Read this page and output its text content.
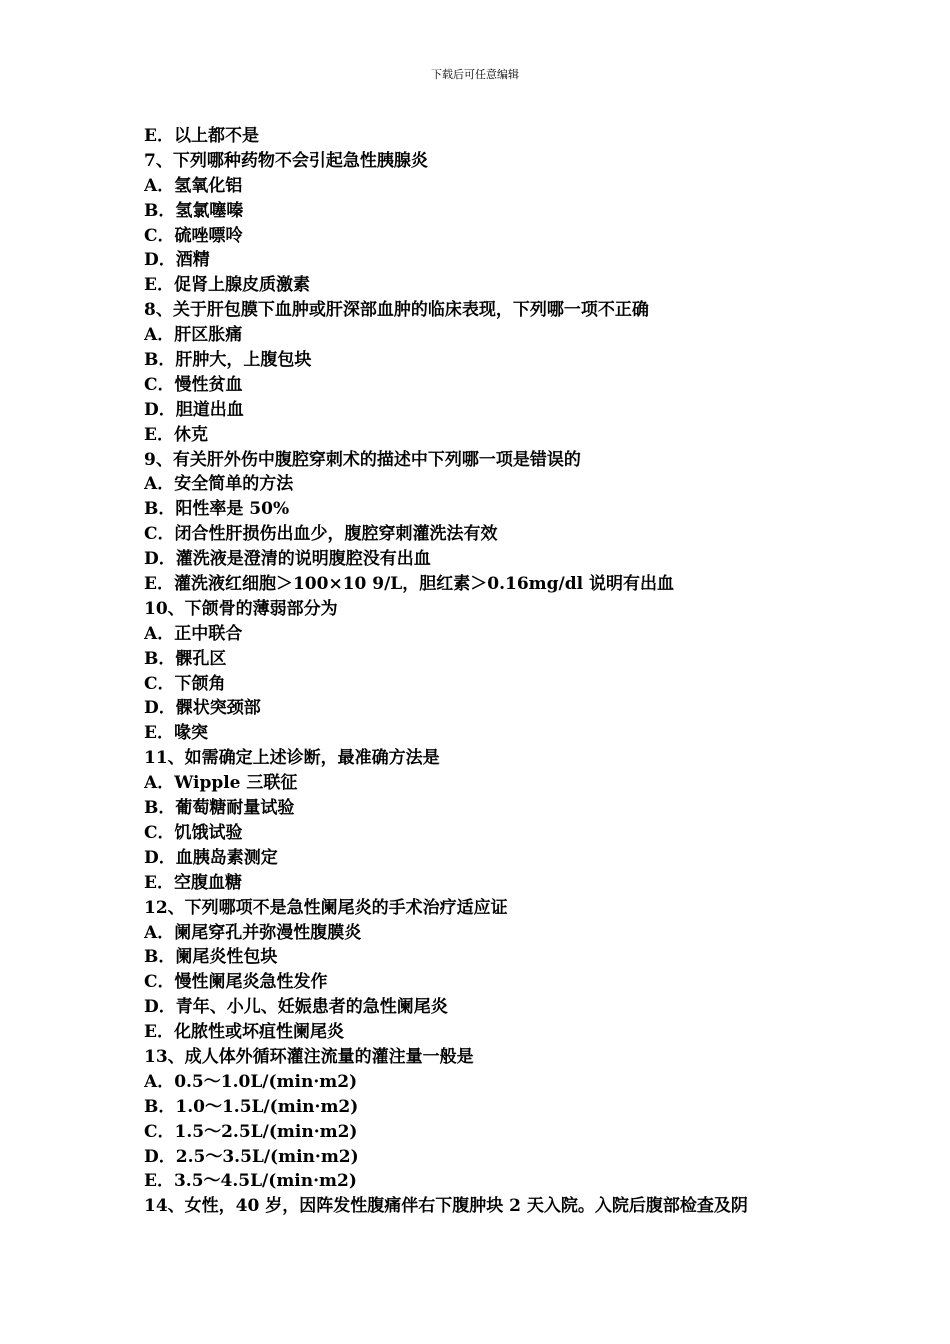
下载后可任意编辑
E．以上都不是
7、下列哪种药物不会引起急性胰腺炎
A．氢氧化铝
B．氢氯噻嗪
C．硫唑嘌呤
D．酒精
E．促肾上腺皮质激素
8、关于肝包膜下血肿或肝深部血肿的临床表现，下列哪一项不正确
A．肝区胀痛
B．肝肿大，上腹包块
C．慢性贫血
D．胆道出血
E．休克
9、有关肝外伤中腹腔穿刺术的描述中下列哪一项是错误的
A．安全简单的方法
B．阳性率是 50%
C．闭合性肝损伤出血少，腹腔穿刺灌洗法有效
D．灌洗液是澄清的说明腹腔没有出血
E．灌洗液红细胞＞100×10 9/L，胆红素＞0.16mg/dl 说明有出血
10、下颌骨的薄弱部分为
A．正中联合
B．髁孔区
C．下颌角
D．髁状突颈部
E．喙突
11、如需确定上述诊断，最准确方法是
A．Wipple 三联征
B．葡萄糖耐量试验
C．饥饿试验
D．血胰岛素测定
E．空腹血糖
12、下列哪项不是急性阑尾炎的手术治疗适应证
A．阑尾穿孔并弥漫性腹膜炎
B．阑尾炎性包块
C．慢性阑尾炎急性发作
D．青年、小儿、妊娠患者的急性阑尾炎
E．化脓性或坏疽性阑尾炎
13、成人体外循环灌注流量的灌注量一般是
A．0.5～1.0L/(min·m2)
B．1.0～1.5L/(min·m2)
C．1.5～2.5L/(min·m2)
D．2.5～3.5L/(min·m2)
E．3.5～4.5L/(min·m2)
14、女性，40 岁，因阵发性腹痛伴右下腹肿块 2 天入院。入院后腹部检查及阴
